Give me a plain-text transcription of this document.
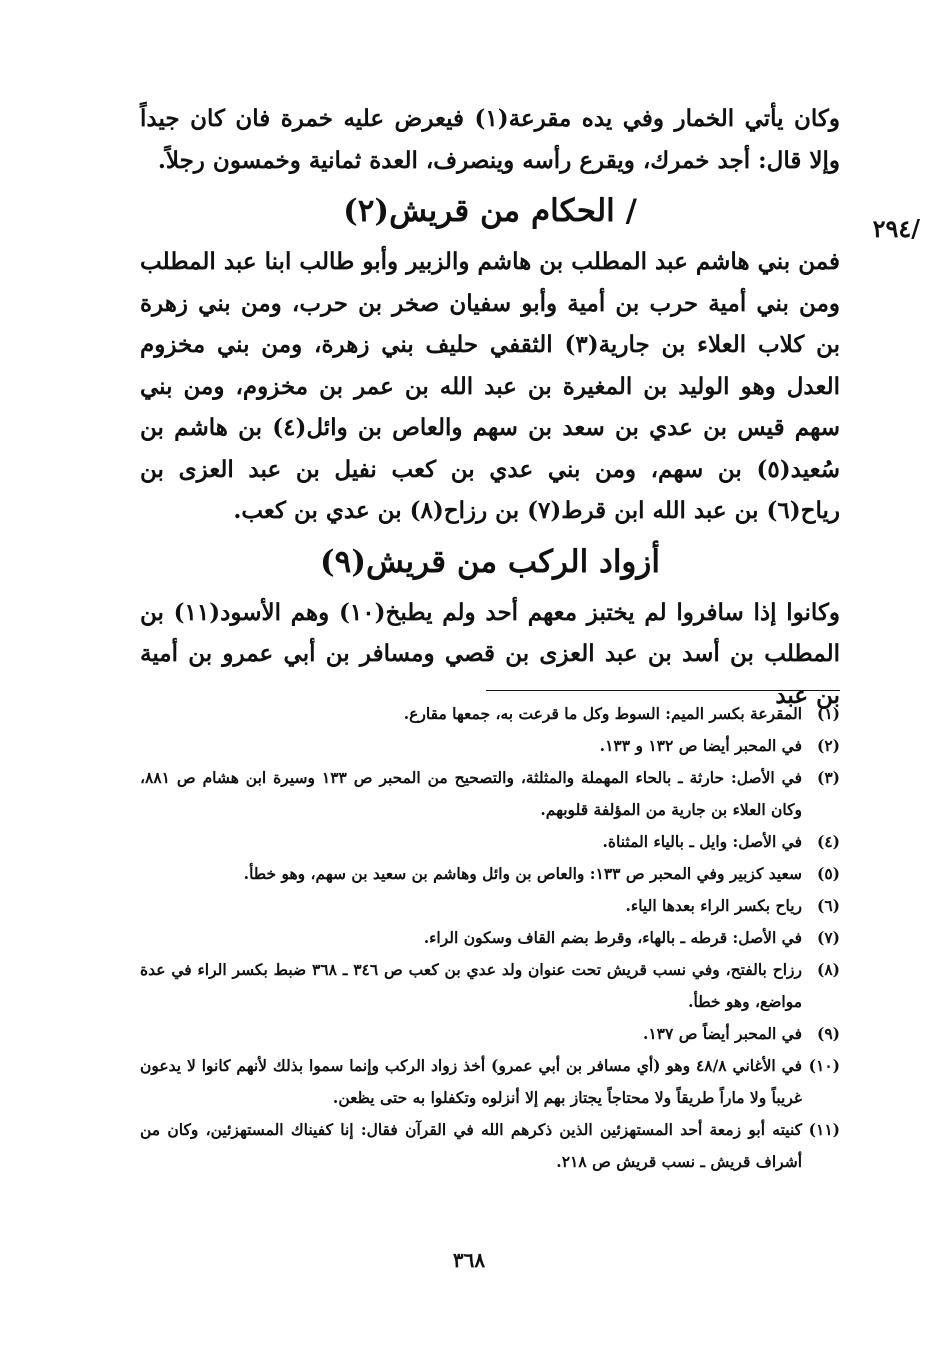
/٢٩٤

وكان يأتي الخمار وفي يده مقرعة(١) فيعرض عليه خمرة فان كان جيداً وإلا قال: أجد خمرك، ويقرع رأسه وينصرف، العدة ثمانية وخمسون رجلاً.

/ الحكام من قريش(٢)

فمن بني هاشم عبد المطلب بن هاشم والزبير وأبو طالب ابنا عبد المطلب ومن بني أمية حرب بن أمية وأبو سفيان صخر بن حرب، ومن بني زهرة بن كلاب العلاء بن جارية(٣) الثقفي حليف بني زهرة، ومن بني مخزوم العدل وهو الوليد بن المغيرة بن عبد الله بن عمر بن مخزوم، ومن بني سهم قيس بن عدي بن سعد بن سهم والعاص بن وائل(٤) بن هاشم بن سُعيد(٥) بن سهم، ومن بني عدي بن كعب نفيل بن عبد العزى بن رياح(٦) بن عبد الله ابن قرط(٧) بن رزاح(٨) بن عدي بن كعب.

أزواد الركب من قريش(٩)

وكانوا إذا سافروا لم يختبز معهم أحد ولم يطبخ(١٠) وهم الأسود(١١) بن المطلب بن أسد بن عبد العزى بن قصي ومسافر بن أبي عمرو بن أمية بن عبد

(١)
المقرعة بكسر الميم: السوط وكل ما قرعت به، جمعها مقارع.
(٢)
في المحبر أيضا ص ١٣٢ و ١٣٣.
(٣)
في الأصل: حارثة ـ بالحاء المهملة والمثلثة، والتصحيح من المحبر ص ١٣٣ وسيرة ابن هشام ص ٨٨١، وكان العلاء بن جارية من المؤلفة قلوبهم.
(٤)
في الأصل: وايل ـ بالياء المثناة.
(٥)
سعيد كزبير وفي المحبر ص ١٣٣: والعاص بن وائل وهاشم بن سعيد بن سهم، وهو خطأ.
(٦)
رياح بكسر الراء بعدها الياء.
(٧)
في الأصل: قرطه ـ بالهاء، وقرط بضم القاف وسكون الراء.
(٨)
رزاح بالفتح، وفي نسب قريش تحت عنوان ولد عدي بن كعب ص ٣٤٦ ـ ٣٦٨ ضبط بكسر الراء في عدة مواضع، وهو خطأ.
(٩)
في المحبر أيضاً ص ١٣٧.
(١٠)
في الأغاني ٤٨/٨ وهو (أي مسافر بن أبي عمرو) أخذ زواد الركب وإنما سموا بذلك لأنهم كانوا لا يدعون غريباً ولا ماراً طريقاً ولا محتاجاً يجتاز بهم إلا أنزلوه وتكفلوا به حتى يظعن.
(١١)
كنيته أبو زمعة أحد المستهزئين الذين ذكرهم الله في القرآن فقال: إنا كفيناك المستهزئين، وكان من أشراف قريش ـ نسب قريش ص ٢١٨.
٣٦٨
